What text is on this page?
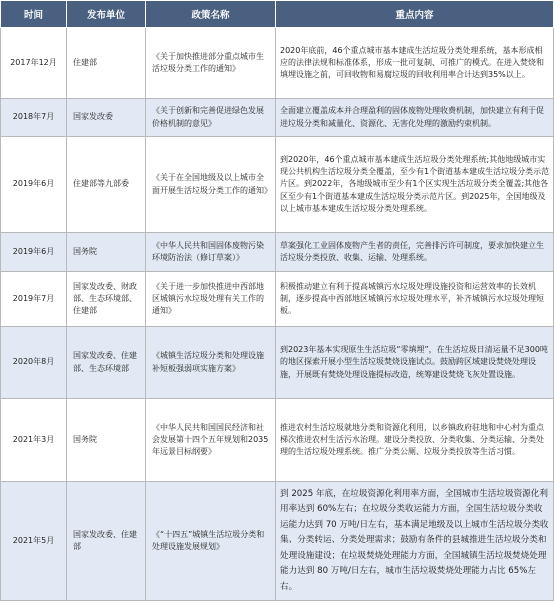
时间	发布单位	政策名称	重点内容
2017年12月	住建部	《关于加快推进部分重点城市生活垃圾分类工作的通知》	2020年底前，46个重点城市基本建成生活垃圾分类处理系统，基本形成相应的法律法规和标准体系，形成一批可复制、可推广的模式。在进入焚烧和填埋设施之前，可回收物和易腐垃圾的回收利用率合计达到35%以上。
2018年7月	国家发改委	《关于创新和完善促进绿色发展价格机制的意见》	全面建立覆盖成本并合理盈利的固体废物处理收费机制，加快建立有利于促进垃圾分类和减量化、资源化、无害化处理的激励约束机制。
2019年6月	住建部等九部委	《关于在全国地级及以上城市全面开展生活垃圾分类工作的通知》	到2020年，46个重点城市基本建成生活垃圾分类处理系统;其他地级城市实现公共机构生活垃圾分类全覆盖，至少有1个街道基本建成生活垃圾分类示范片区。到2022年，各地级城市至少有1个区实现生活垃圾分类全覆盖;其他各区至少有1个街道基本建成生活垃圾分类示范片区。到2025年，全国地级及以上城市基本建成生活垃圾分类处理系统。
2019年6月	国务院	《中华人民共和国固体废物污染环境防治法（修订草案）》	草案强化工业固体废物产生者的责任，完善排污许可制度，要求加快建立生活垃圾分类投放、收集、运输、处理系统。
2019年7月	国家发改委、财政部、生态环境部、住建部	《关于进一步加快推进中西部地区城镇污水垃圾处理有关工作的通知》	积极推动建立有利于提高城镇污水垃圾处理设施投资和运营效率的长效机制，逐步提高中西部地区城镇污水垃圾处理水平，补齐城镇污水垃圾处理短板。
2020年8月	国家发改委、住建部、生态环境部	《城镇生活垃圾分类和处理设施补短板强弱项实施方案》	到2023年基本实现原生生活垃圾“零填埋”，在生活垃圾日清运量不足300吨的地区探索开展小型生活垃圾焚烧设施试点。鼓励跨区域建设焚烧处理设施，开展既有焚烧处理设施提标改造，统筹建设焚烧飞灰处置设施。
2021年3月	国务院	《中华人民共和国国民经济和社会发展第十四个五年规划和2035年远景目标纲要》	推进农村生活垃圾就地分类和资源化利用，以乡镇政府驻地和中心村为重点梯次推进农村生活污水治理。建设分类投放、分类收集、分类运输、分类处理的生活垃圾处理系统。推广分类公厕、垃圾分类投放等生活习惯。
2021年5月	国家发改委、住建部	《“十四五”城镇生活垃圾分类和处理设施发展规划》	到 2025 年底，在垃圾资源化利用率方面，全国城市生活垃圾资源化利用率达到 60%左右；在垃圾分类收运能力方面，全国生活垃圾分类收运能力达到 70 万吨/日左右，基本满足地级及以上城市生活垃圾分类收集、分类转运、分类处理需求；鼓励有条件的县城推进生活垃圾分类和处理设施建设；在垃圾焚烧处理能力方面，全国城镇生活垃圾焚烧处理能力达到 80 万吨/日左右，城市生活垃圾焚烧处理能力占比 65%左右。
